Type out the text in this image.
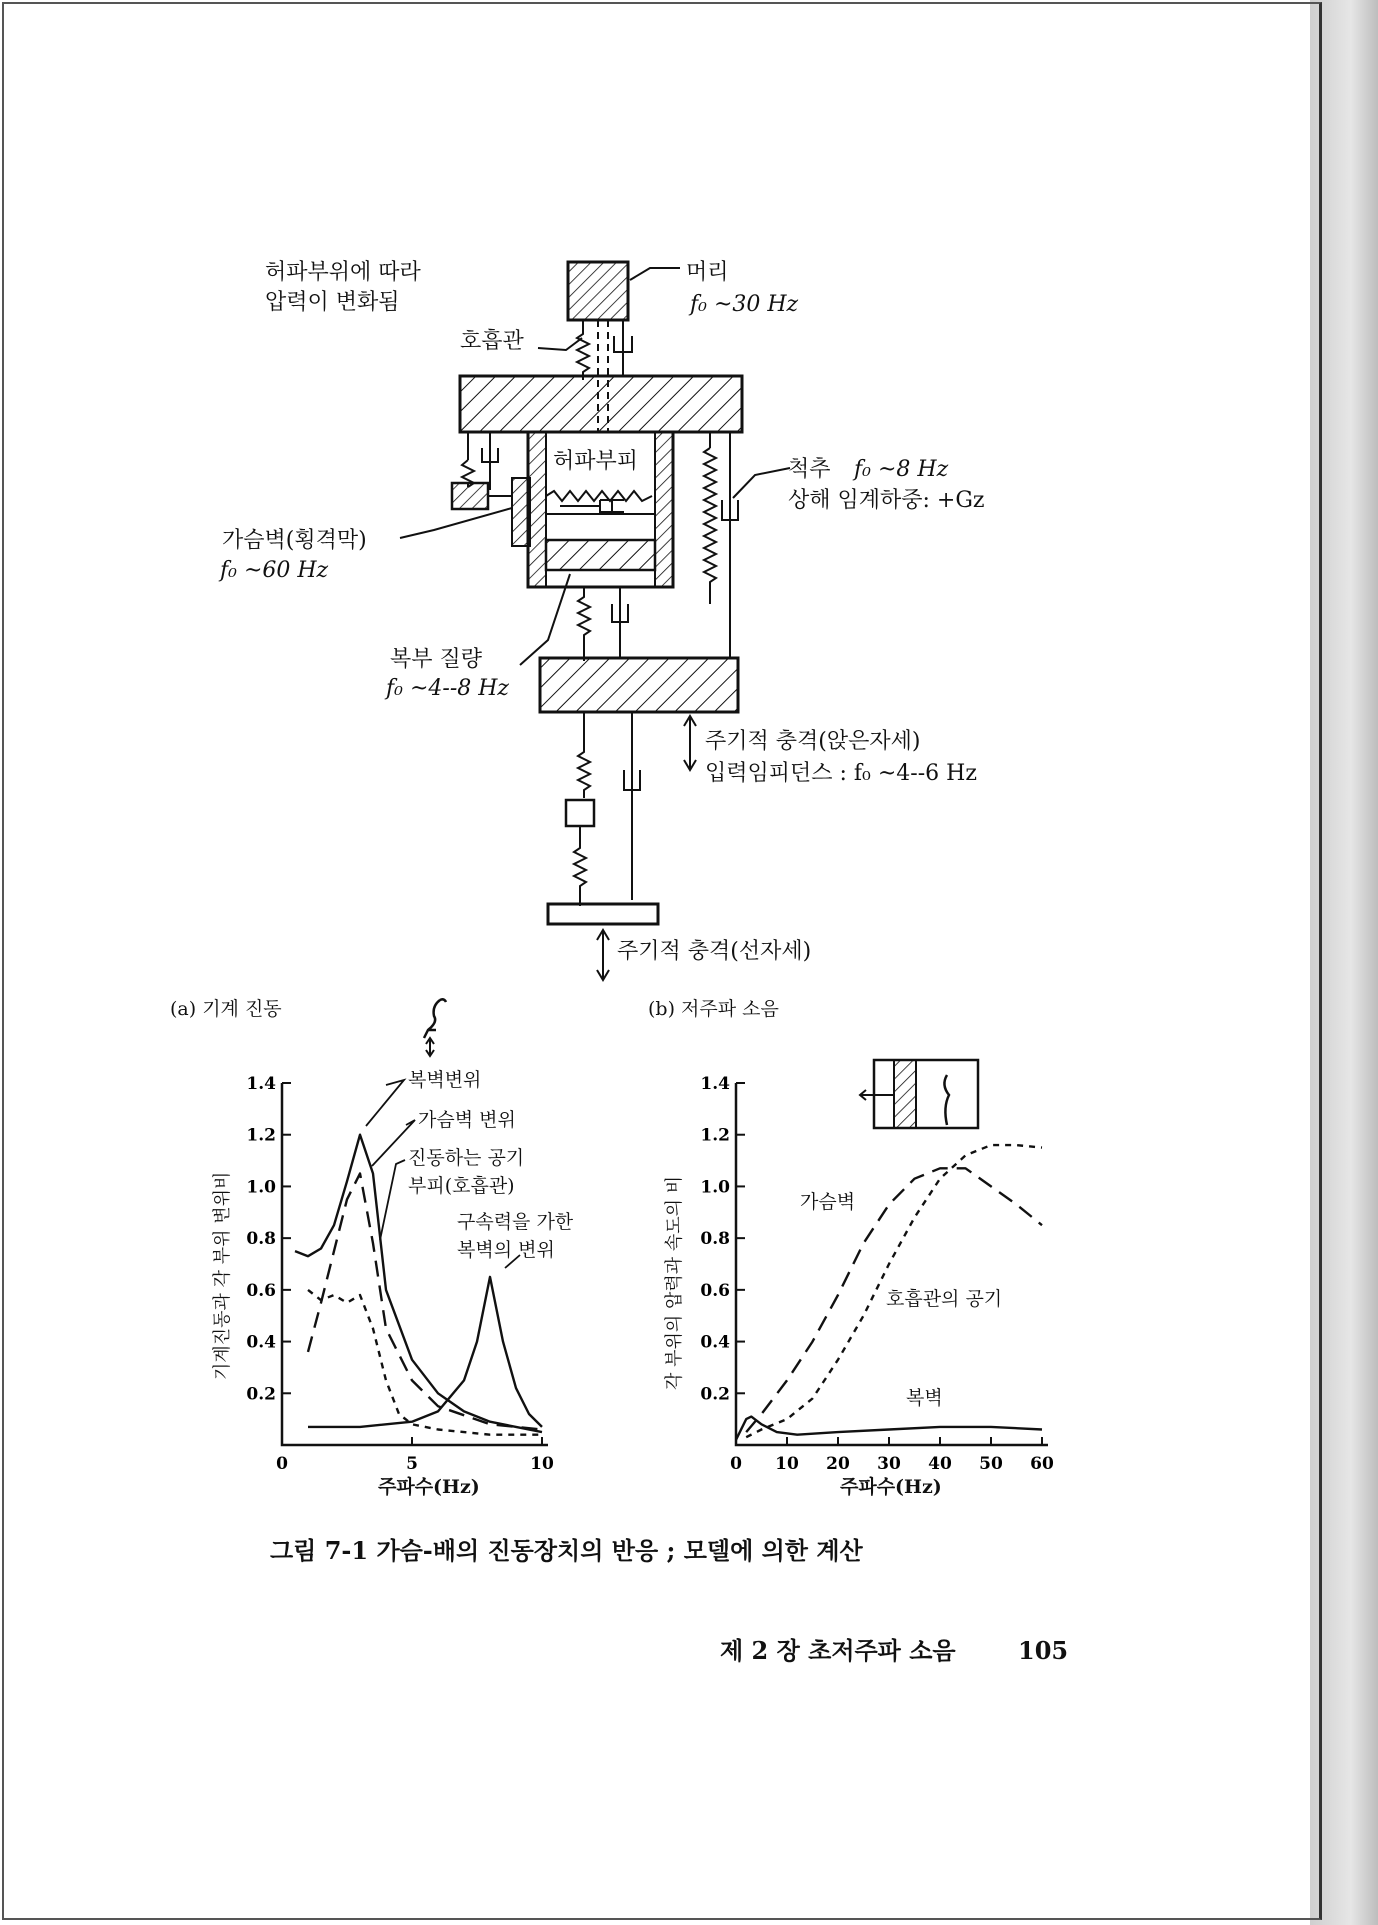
허파부위에 따라
압력이 변화됨
머리
f₀ ~30 Hz
호흡관
허파부피	척추 f₀ ~8 Hz
상해 임계하중: +Gz
가슴벽(횡격막)
f₀ ~60 Hz
복부 질량
f₀ ~4--8 Hz
주기적 충격(앉은자세)
입력임피던스 : f₀ ~4--6 Hz
주기적 충격(선자세)
(a) 기계 진동	(b) 저주파 소음
0.2
0.4
0.6
0.8
1.0
1.2
1.4
0	5	10
0.2
0.4
0.6
0.8
1.0
1.2
1.4
0 10 20 30 40 50 60
기계진동과 각 부위 변위비
주파수(Hz)
복벽변위
가슴벽 변위
진동하는 공기
부피(호흡관)
구속력을 가한
복벽의 변위	각 부위의 압력과 속도의 비
주파수(Hz)
가슴벽
호흡관의 공기
복벽
그림 7-1 가슴-배의 진동장치의 반응 ; 모델에 의한 계산
제 2 장 초저주파 소음	105
